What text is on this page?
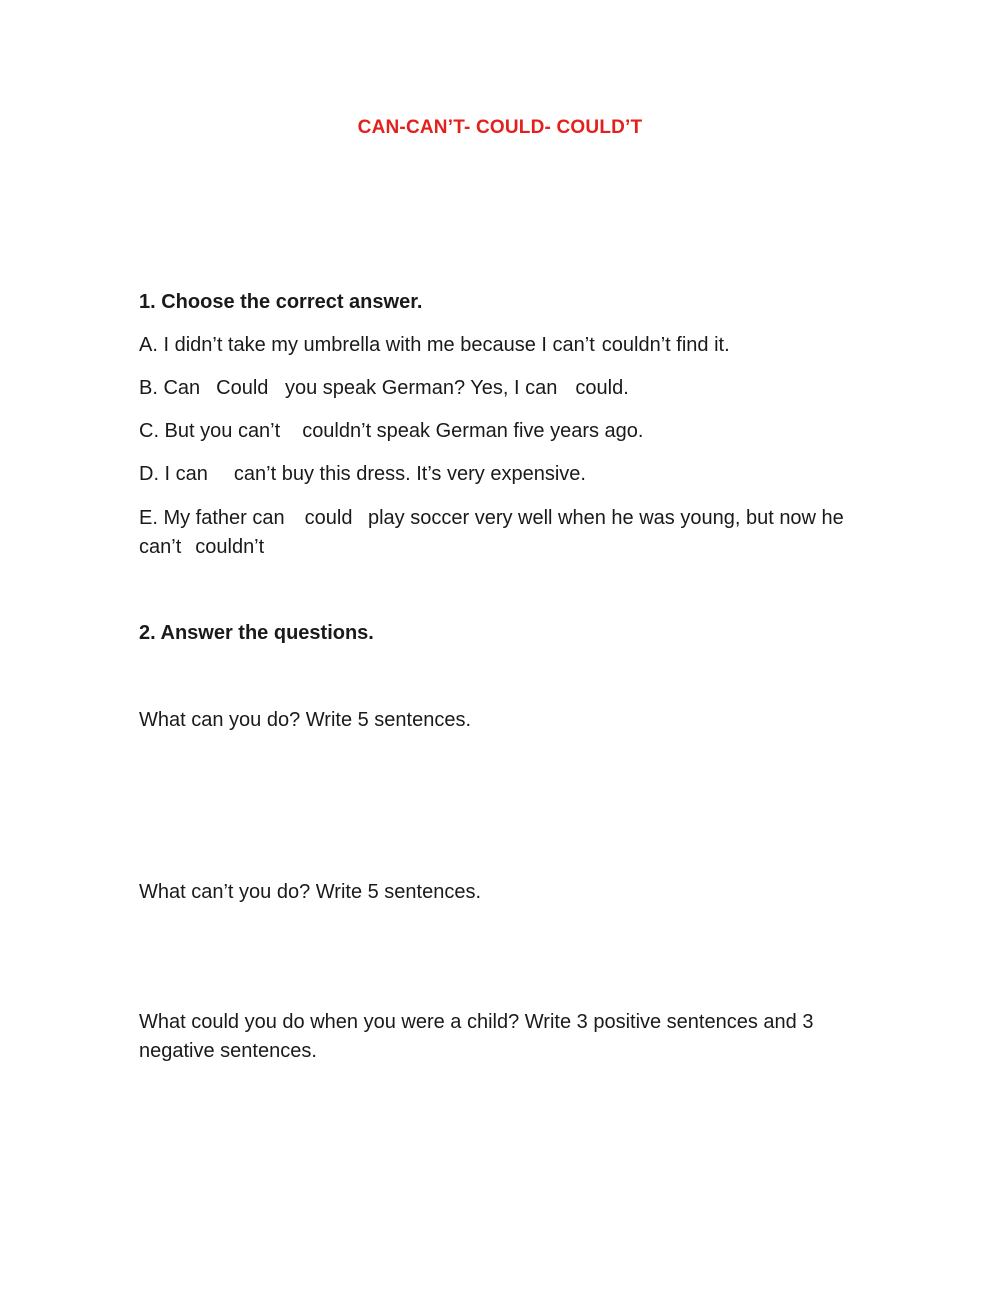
CAN-CAN’T- COULD- COULD’T
1. Choose the correct answer.
A. I didn’t take my umbrella with me because I can’t couldn’t find it.
B. Can Could you speak German? Yes, I can could.
C. But you can’t couldn’t speak German five years ago.
D. I can can’t buy this dress. It’s very expensive.
E. My father can could play soccer very well when he was young, but now he can’t couldn’t
2. Answer the questions.
What can you do? Write 5 sentences.
What can’t you do? Write 5 sentences.
What could you do when you were a child? Write 3 positive sentences and 3 negative sentences.
